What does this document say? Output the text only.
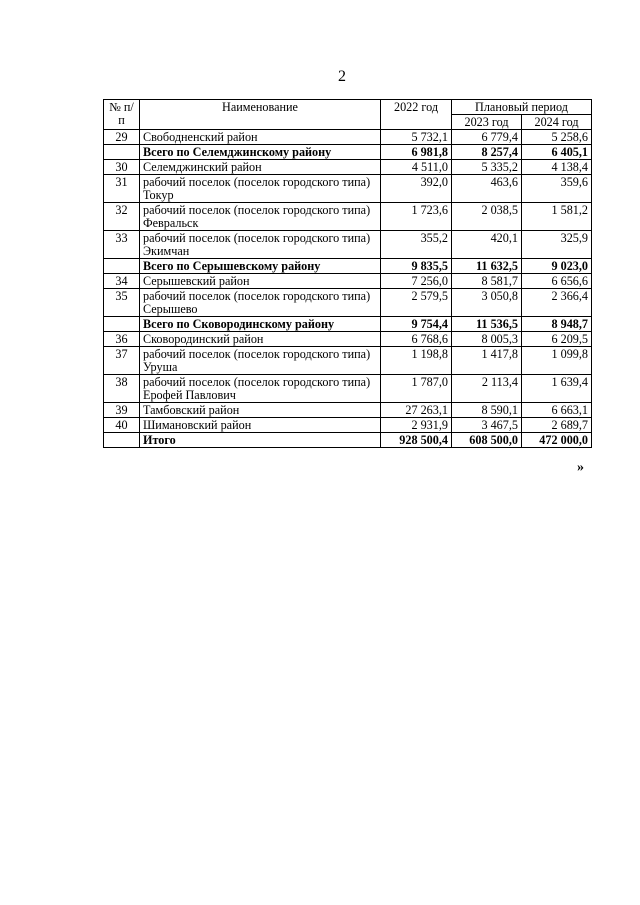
2
№ п/п	Наименование	2022 год	Плановый период	
			2023 год	2024 год
29	Свободненский район	5 732,1	6 779,4	5 258,6
	Всего по Селемджинскому району	6 981,8	8 257,4	6 405,1
30	Селемджинский район	4 511,0	5 335,2	4 138,4
31	рабочий поселок (поселок городского типа) Токур	392,0	463,6	359,6
32	рабочий поселок (поселок городского типа) Февральск	1 723,6	2 038,5	1 581,2
33	рабочий поселок (поселок городского типа) Экимчан	355,2	420,1	325,9
	Всего по Серышевскому району	9 835,5	11 632,5	9 023,0
34	Серышевский район	7 256,0	8 581,7	6 656,6
35	рабочий поселок (поселок городского типа) Серышево	2 579,5	3 050,8	2 366,4
	Всего по Сковородинскому району	9 754,4	11 536,5	8 948,7
36	Сковородинский район	6 768,6	8 005,3	6 209,5
37	рабочий поселок (поселок городского типа) Уруша	1 198,8	1 417,8	1 099,8
38	рабочий поселок (поселок городского типа) Ерофей Павлович	1 787,0	2 113,4	1 639,4
39	Тамбовский район	27 263,1	8 590,1	6 663,1
40	Шимановский район	2 931,9	3 467,5	2 689,7
	Итого	928 500,4	608 500,0	472 000,0
»
